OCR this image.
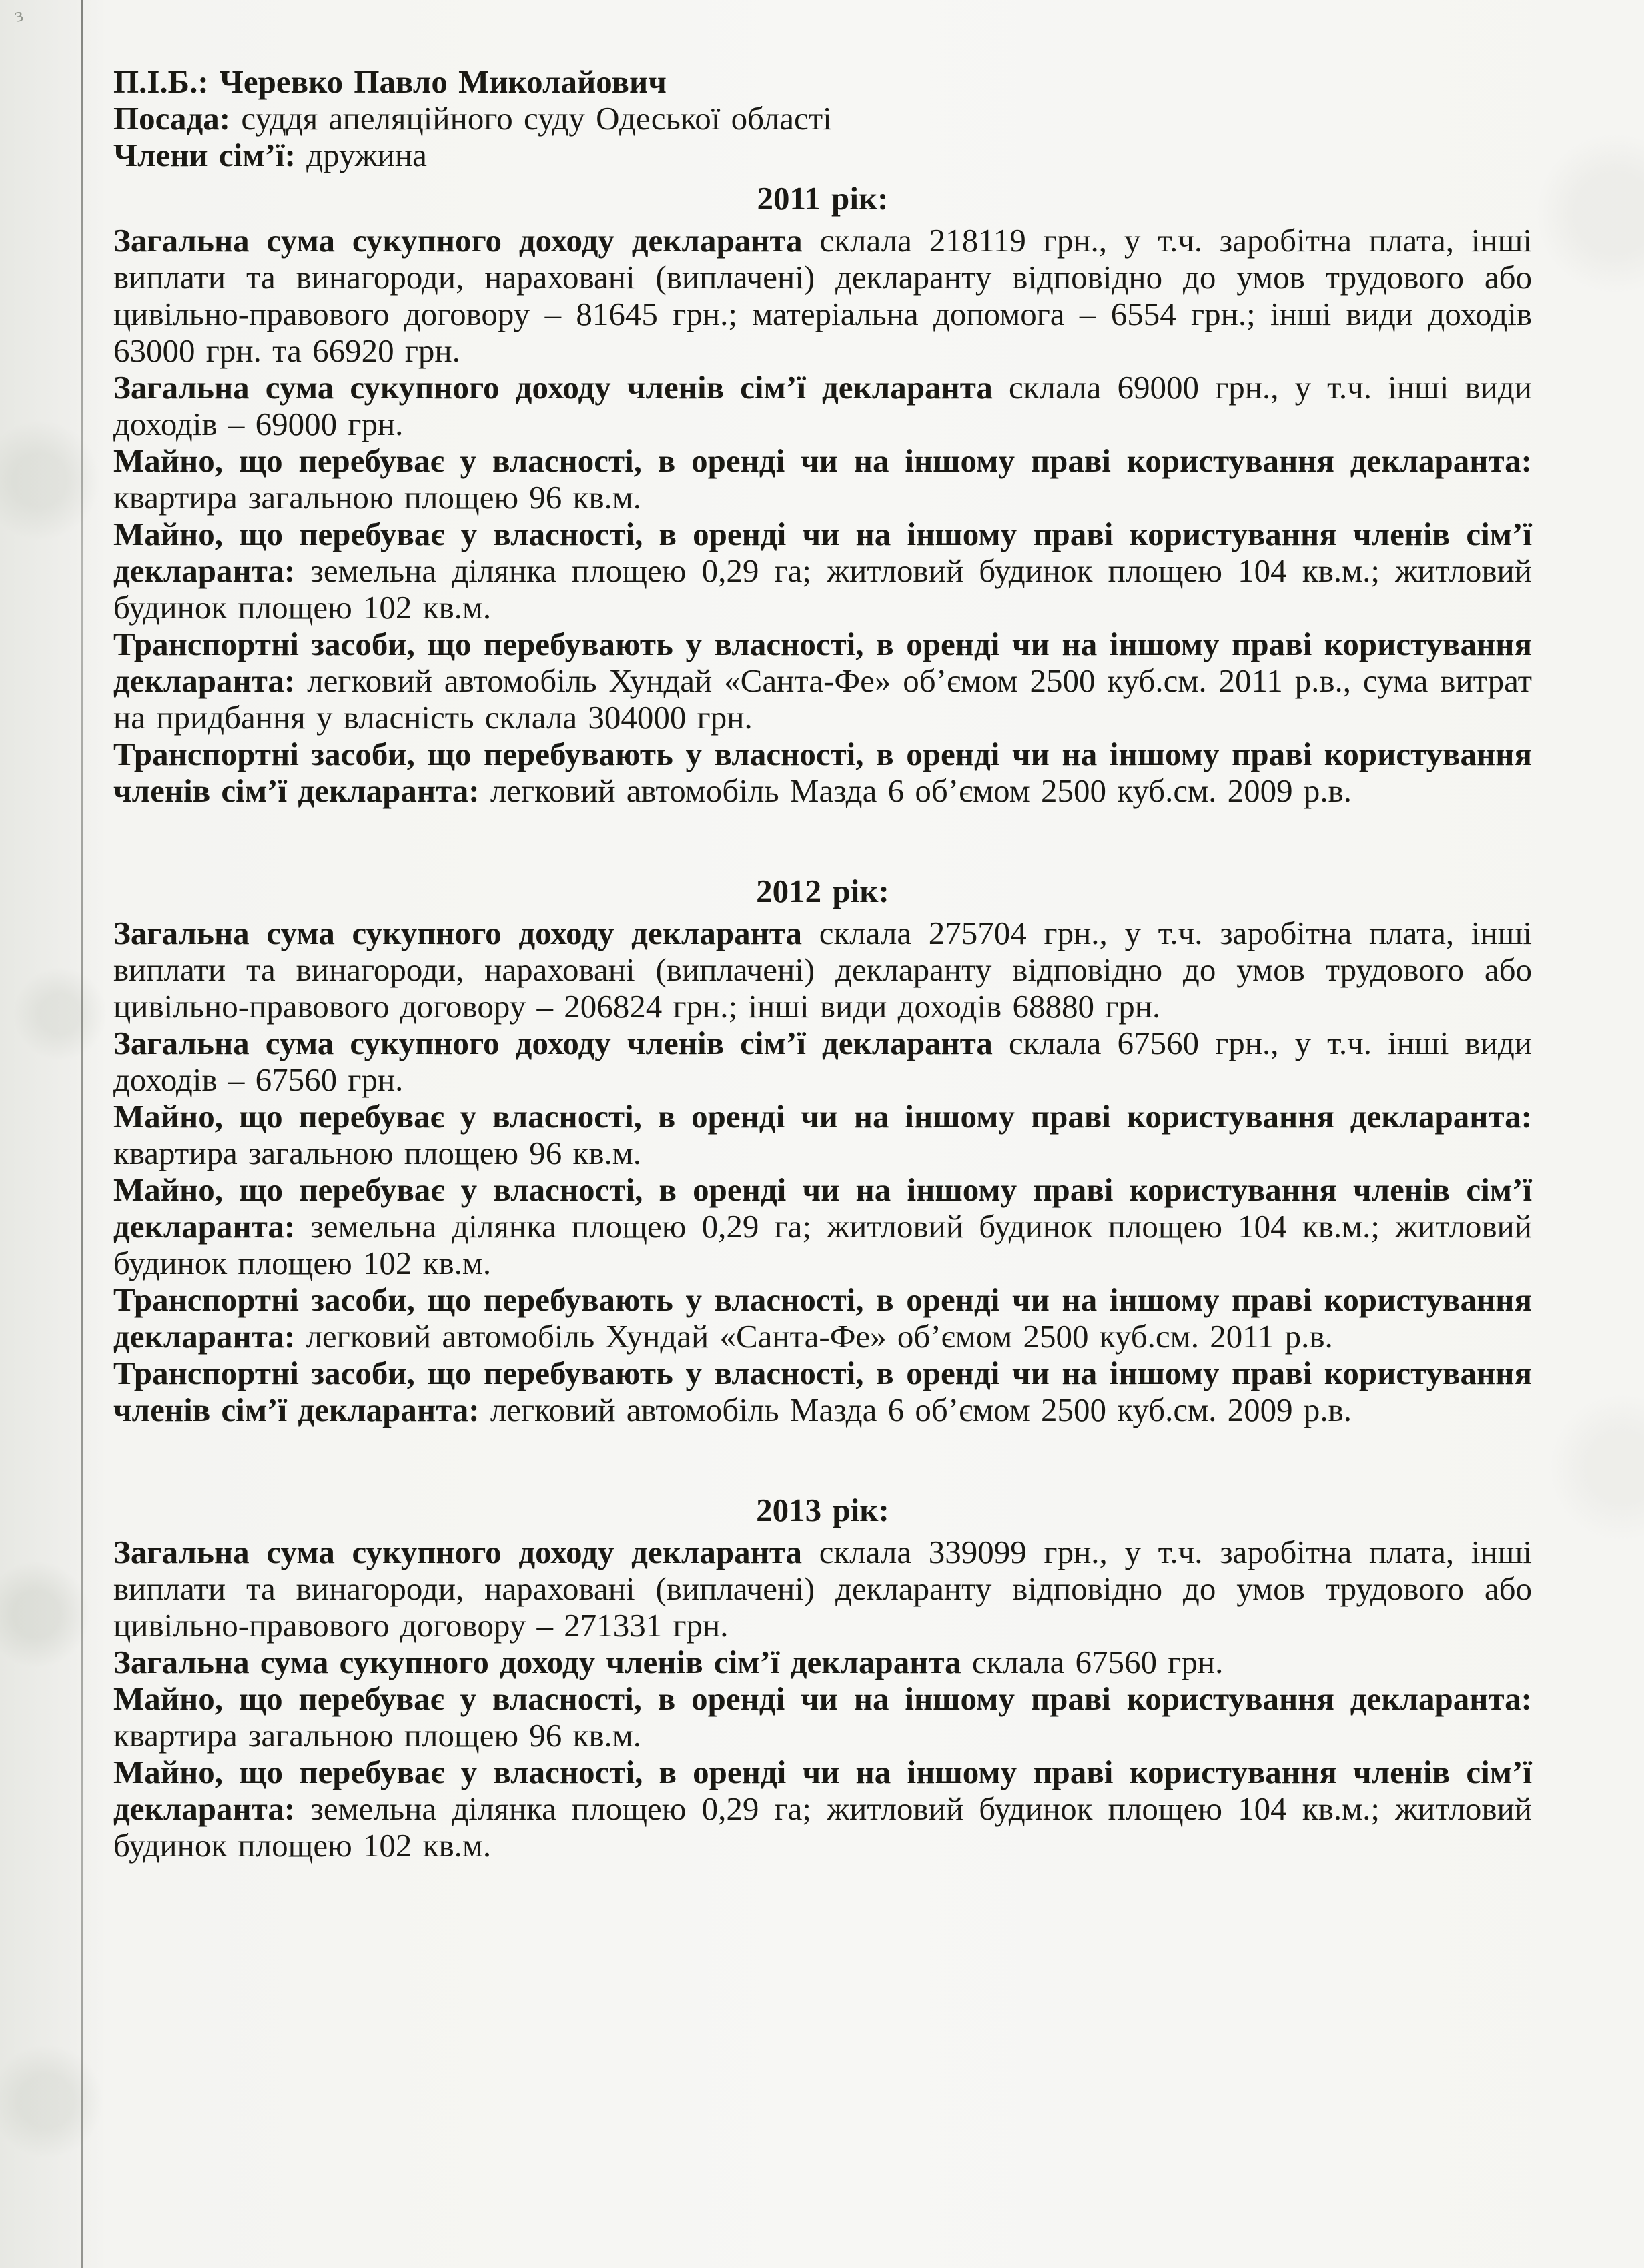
ɜ

П.І.Б.: Черевко Павло Миколайович

Посада: суддя апеляційного суду Одеської області

Члени сім’ї: дружина

2011 рік:

Загальна сума сукупного доходу декларанта склала 218119 грн., у т.ч. заробітна плата, інші виплати та винагороди, нараховані (виплачені) декларанту відповідно до умов трудового або цивільно-правового договору – 81645 грн.; матеріальна допомога – 6554 грн.; інші види доходів 63000 грн. та 66920 грн.

Загальна сума сукупного доходу членів сім’ї декларанта склала 69000 грн., у т.ч. інші види доходів – 69000 грн.

Майно, що перебуває у власності, в оренді чи на іншому праві користування декларанта: квартира загальною площею 96 кв.м.

Майно, що перебуває у власності, в оренді чи на іншому праві користування членів сім’ї декларанта: земельна ділянка площею 0,29 га; житловий будинок площею 104 кв.м.; житловий будинок площею 102 кв.м.

Транспортні засоби, що перебувають у власності, в оренді чи на іншому праві користування декларанта: легковий автомобіль Хундай «Санта-Фе» об’ємом 2500 куб.см. 2011 р.в., сума витрат на придбання у власність склала 304000 грн.

Транспортні засоби, що перебувають у власності, в оренді чи на іншому праві користування членів сім’ї декларанта: легковий автомобіль Мазда 6 об’ємом 2500 куб.см. 2009 р.в.

2012 рік:

Загальна сума сукупного доходу декларанта склала 275704 грн., у т.ч. заробітна плата, інші виплати та винагороди, нараховані (виплачені) декларанту відповідно до умов трудового або цивільно-правового договору – 206824 грн.; інші види доходів 68880 грн.

Загальна сума сукупного доходу членів сім’ї декларанта склала 67560 грн., у т.ч. інші види доходів – 67560 грн.

Майно, що перебуває у власності, в оренді чи на іншому праві користування декларанта: квартира загальною площею 96 кв.м.

Майно, що перебуває у власності, в оренді чи на іншому праві користування членів сім’ї декларанта: земельна ділянка площею 0,29 га; житловий будинок площею 104 кв.м.; житловий будинок площею 102 кв.м.

Транспортні засоби, що перебувають у власності, в оренді чи на іншому праві користування декларанта: легковий автомобіль Хундай «Санта-Фе» об’ємом 2500 куб.см. 2011 р.в.

Транспортні засоби, що перебувають у власності, в оренді чи на іншому праві користування членів сім’ї декларанта: легковий автомобіль Мазда 6 об’ємом 2500 куб.см. 2009 р.в.

2013 рік:

Загальна сума сукупного доходу декларанта склала 339099 грн., у т.ч. заробітна плата, інші виплати та винагороди, нараховані (виплачені) декларанту відповідно до умов трудового або цивільно-правового договору – 271331 грн.

Загальна сума сукупного доходу членів сім’ї декларанта склала 67560 грн.

Майно, що перебуває у власності, в оренді чи на іншому праві користування декларанта: квартира загальною площею 96 кв.м.

Майно, що перебуває у власності, в оренді чи на іншому праві користування членів сім’ї декларанта: земельна ділянка площею 0,29 га; житловий будинок площею 104 кв.м.; житловий будинок площею 102 кв.м.
